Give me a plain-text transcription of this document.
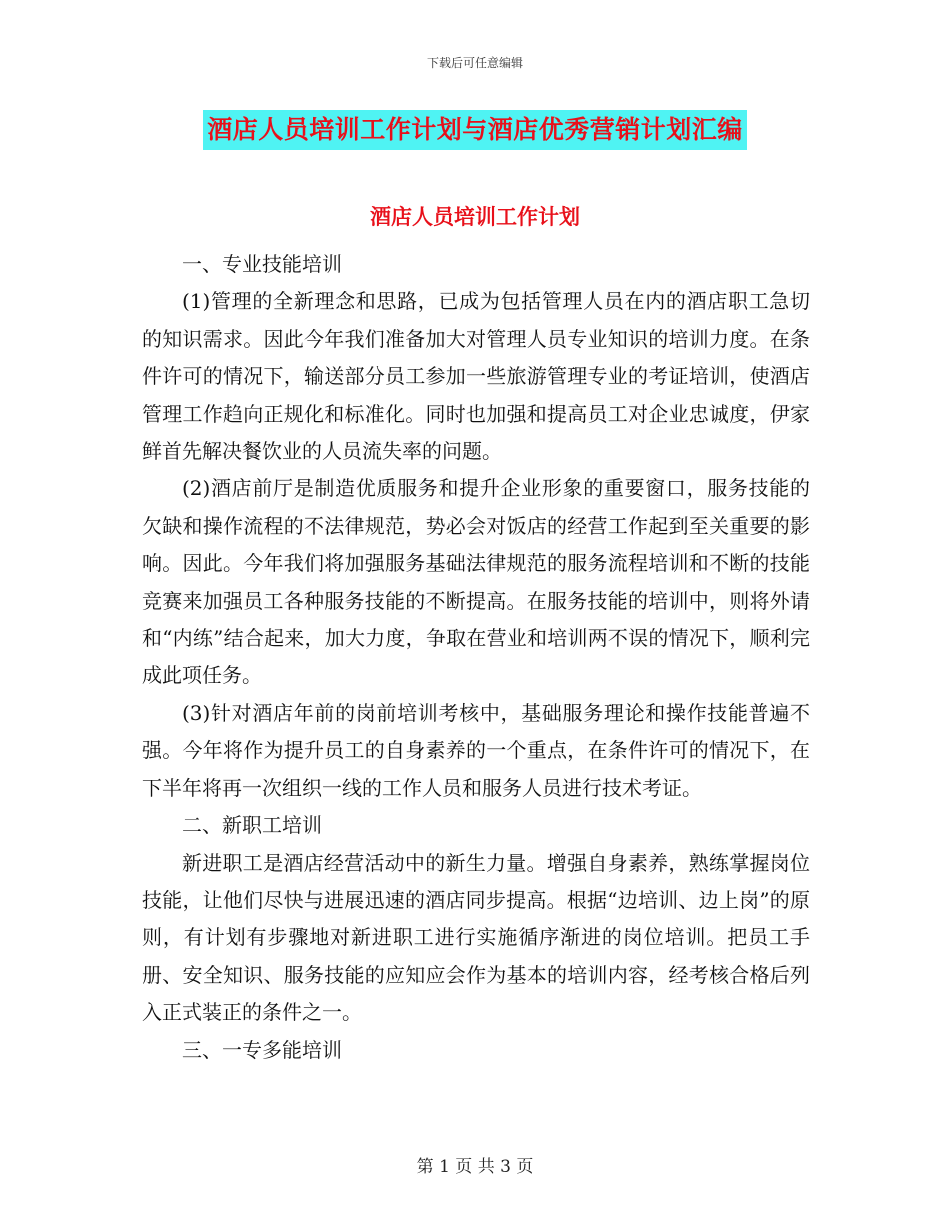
下载后可任意编辑
酒店人员培训工作计划与酒店优秀营销计划汇编
酒店人员培训工作计划

一、专业技能培训

(1)管理的全新理念和思路，已成为包括管理人员在内的酒店职工急切的知识需求。因此今年我们准备加大对管理人员专业知识的培训力度。在条件许可的情况下，输送部分员工参加一些旅游管理专业的考证培训，使酒店管理工作趋向正规化和标准化。同时也加强和提高员工对企业忠诚度，伊家鲜首先解决餐饮业的人员流失率的问题。

(2)酒店前厅是制造优质服务和提升企业形象的重要窗口，服务技能的欠缺和操作流程的不法律规范，势必会对饭店的经营工作起到至关重要的影响。因此。今年我们将加强服务基础法律规范的服务流程培训和不断的技能竞赛来加强员工各种服务技能的不断提高。在服务技能的培训中，则将外请和“内练”结合起来，加大力度，争取在营业和培训两不误的情况下，顺利完成此项任务。

(3)针对酒店年前的岗前培训考核中，基础服务理论和操作技能普遍不强。今年将作为提升员工的自身素养的一个重点，在条件许可的情况下，在下半年将再一次组织一线的工作人员和服务人员进行技术考证。

二、新职工培训

新进职工是酒店经营活动中的新生力量。增强自身素养，熟练掌握岗位技能，让他们尽快与进展迅速的酒店同步提高。根据“边培训、边上岗”的原则，有计划有步骤地对新进职工进行实施循序渐进的岗位培训。把员工手册、安全知识、服务技能的应知应会作为基本的培训内容，经考核合格后列入正式装正的条件之一。

三、一专多能培训

第 1 页 共 3 页
